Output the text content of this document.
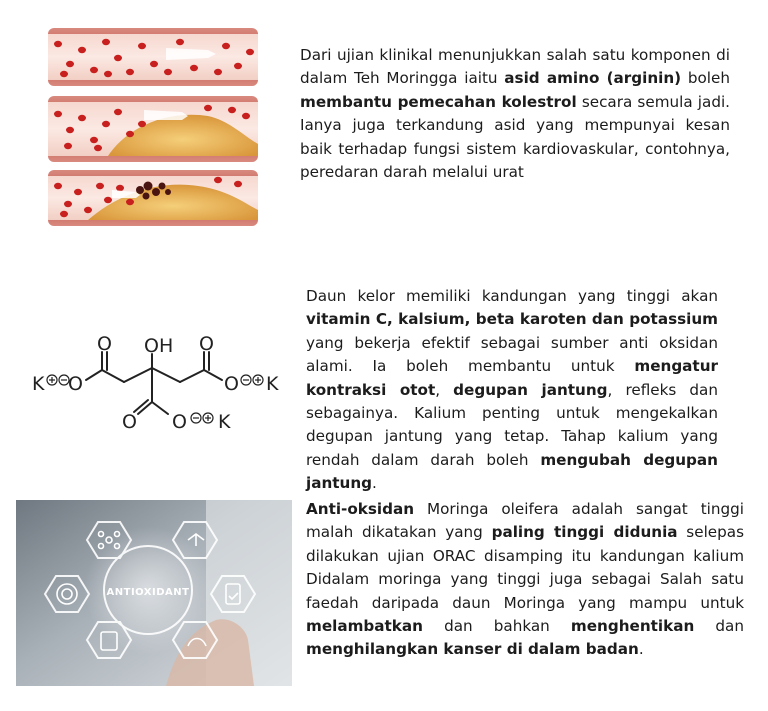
Dari ujian klinikal menunjukkan salah satu komponen di dalam Teh Moringga iaitu asid amino (arginin) boleh membantu pemecahan kolestrol secara semula jadi. Ianya juga terkandung asid yang mempunyai kesan baik terhadap fungsi sistem kardiovaskular, contohnya, peredaran darah melalui urat
O	O
OH
O	O
O O
K	K
K
Daun kelor memiliki kandungan yang tinggi akan vitamin C, kalsium, beta karoten dan potassium yang bekerja efektif sebagai sumber anti oksidan alami. Ia boleh membantu untuk mengatur kontraksi otot, degupan jantung, refleks dan sebagainya. Kalium penting untuk mengekalkan degupan jantung yang tetap. Tahap kalium yang rendah dalam darah boleh mengubah degupan jantung.
ANTIOXIDANT
Anti-oksidan Moringa oleifera adalah sangat tinggi malah dikatakan yang paling tinggi didunia selepas dilakukan ujian ORAC disamping itu kandungan kalium Didalam moringa yang tinggi juga sebagai Salah satu faedah daripada daun Moringa yang mampu untuk melambatkan dan bahkan menghentikan dan menghilangkan kanser di dalam badan.
